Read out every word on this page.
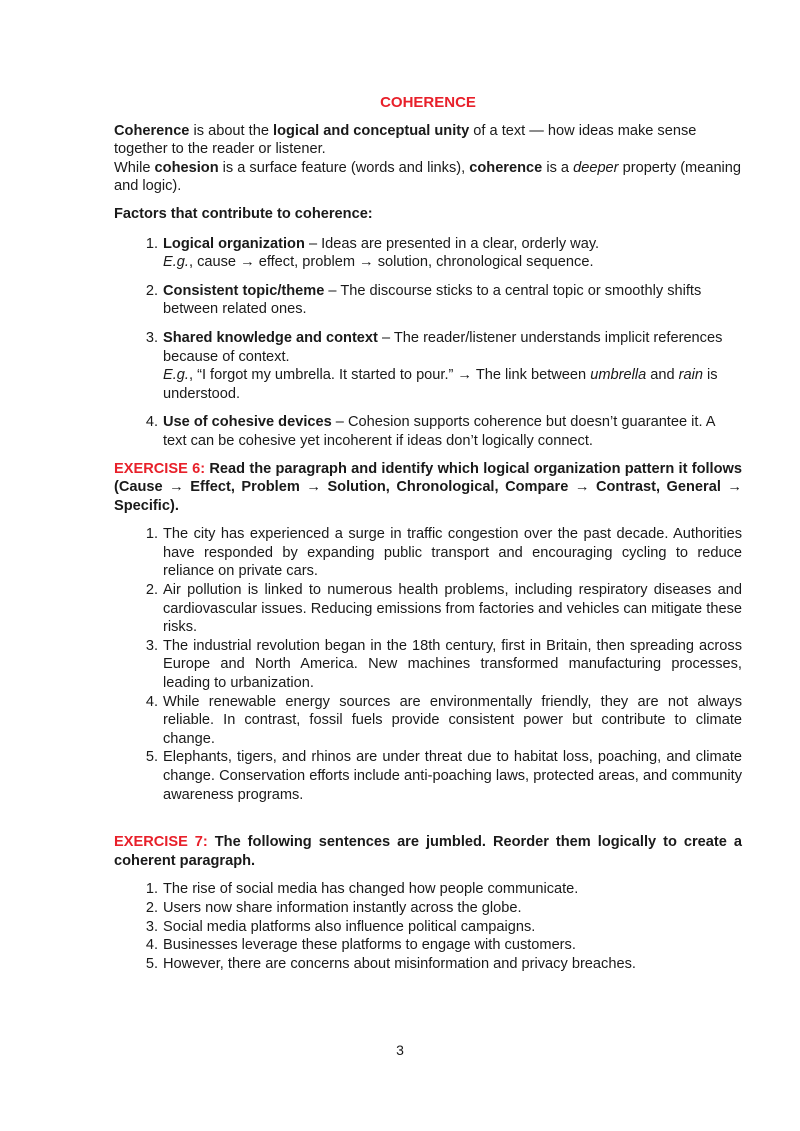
COHERENCE

Coherence is about the logical and conceptual unity of a text — how ideas make sense together to the reader or listener.

While cohesion is a surface feature (words and links), coherence is a deeper property (meaning and logic).

Factors that contribute to coherence:

1. Logical organization – Ideas are presented in a clear, orderly way.
E.g., cause → effect, problem → solution, chronological sequence.
2. Consistent topic/theme – The discourse sticks to a central topic or smoothly shifts between related ones.
3. Shared knowledge and context – The reader/listener understands implicit references because of context.
E.g., “I forgot my umbrella. It started to pour.” → The link between umbrella and rain is understood.
4. Use of cohesive devices – Cohesion supports coherence but doesn’t guarantee it. A text can be cohesive yet incoherent if ideas don’t logically connect.

EXERCISE 6: Read the paragraph and identify which logical organization pattern it follows (Cause → Effect, Problem → Solution, Chronological, Compare → Contrast, General → Specific).

1. The city has experienced a surge in traffic congestion over the past decade. Authorities have responded by expanding public transport and encouraging cycling to reduce reliance on private cars.
2. Air pollution is linked to numerous health problems, including respiratory diseases and cardiovascular issues. Reducing emissions from factories and vehicles can mitigate these risks.
3. The industrial revolution began in the 18th century, first in Britain, then spreading across Europe and North America. New machines transformed manufacturing processes, leading to urbanization.
4. While renewable energy sources are environmentally friendly, they are not always reliable. In contrast, fossil fuels provide consistent power but contribute to climate change.
5. Elephants, tigers, and rhinos are under threat due to habitat loss, poaching, and climate change. Conservation efforts include anti-poaching laws, protected areas, and community awareness programs.

EXERCISE 7: The following sentences are jumbled. Reorder them logically to create a coherent paragraph.

1. The rise of social media has changed how people communicate.
2. Users now share information instantly across the globe.
3. Social media platforms also influence political campaigns.
4. Businesses leverage these platforms to engage with customers.
5. However, there are concerns about misinformation and privacy breaches.
3
